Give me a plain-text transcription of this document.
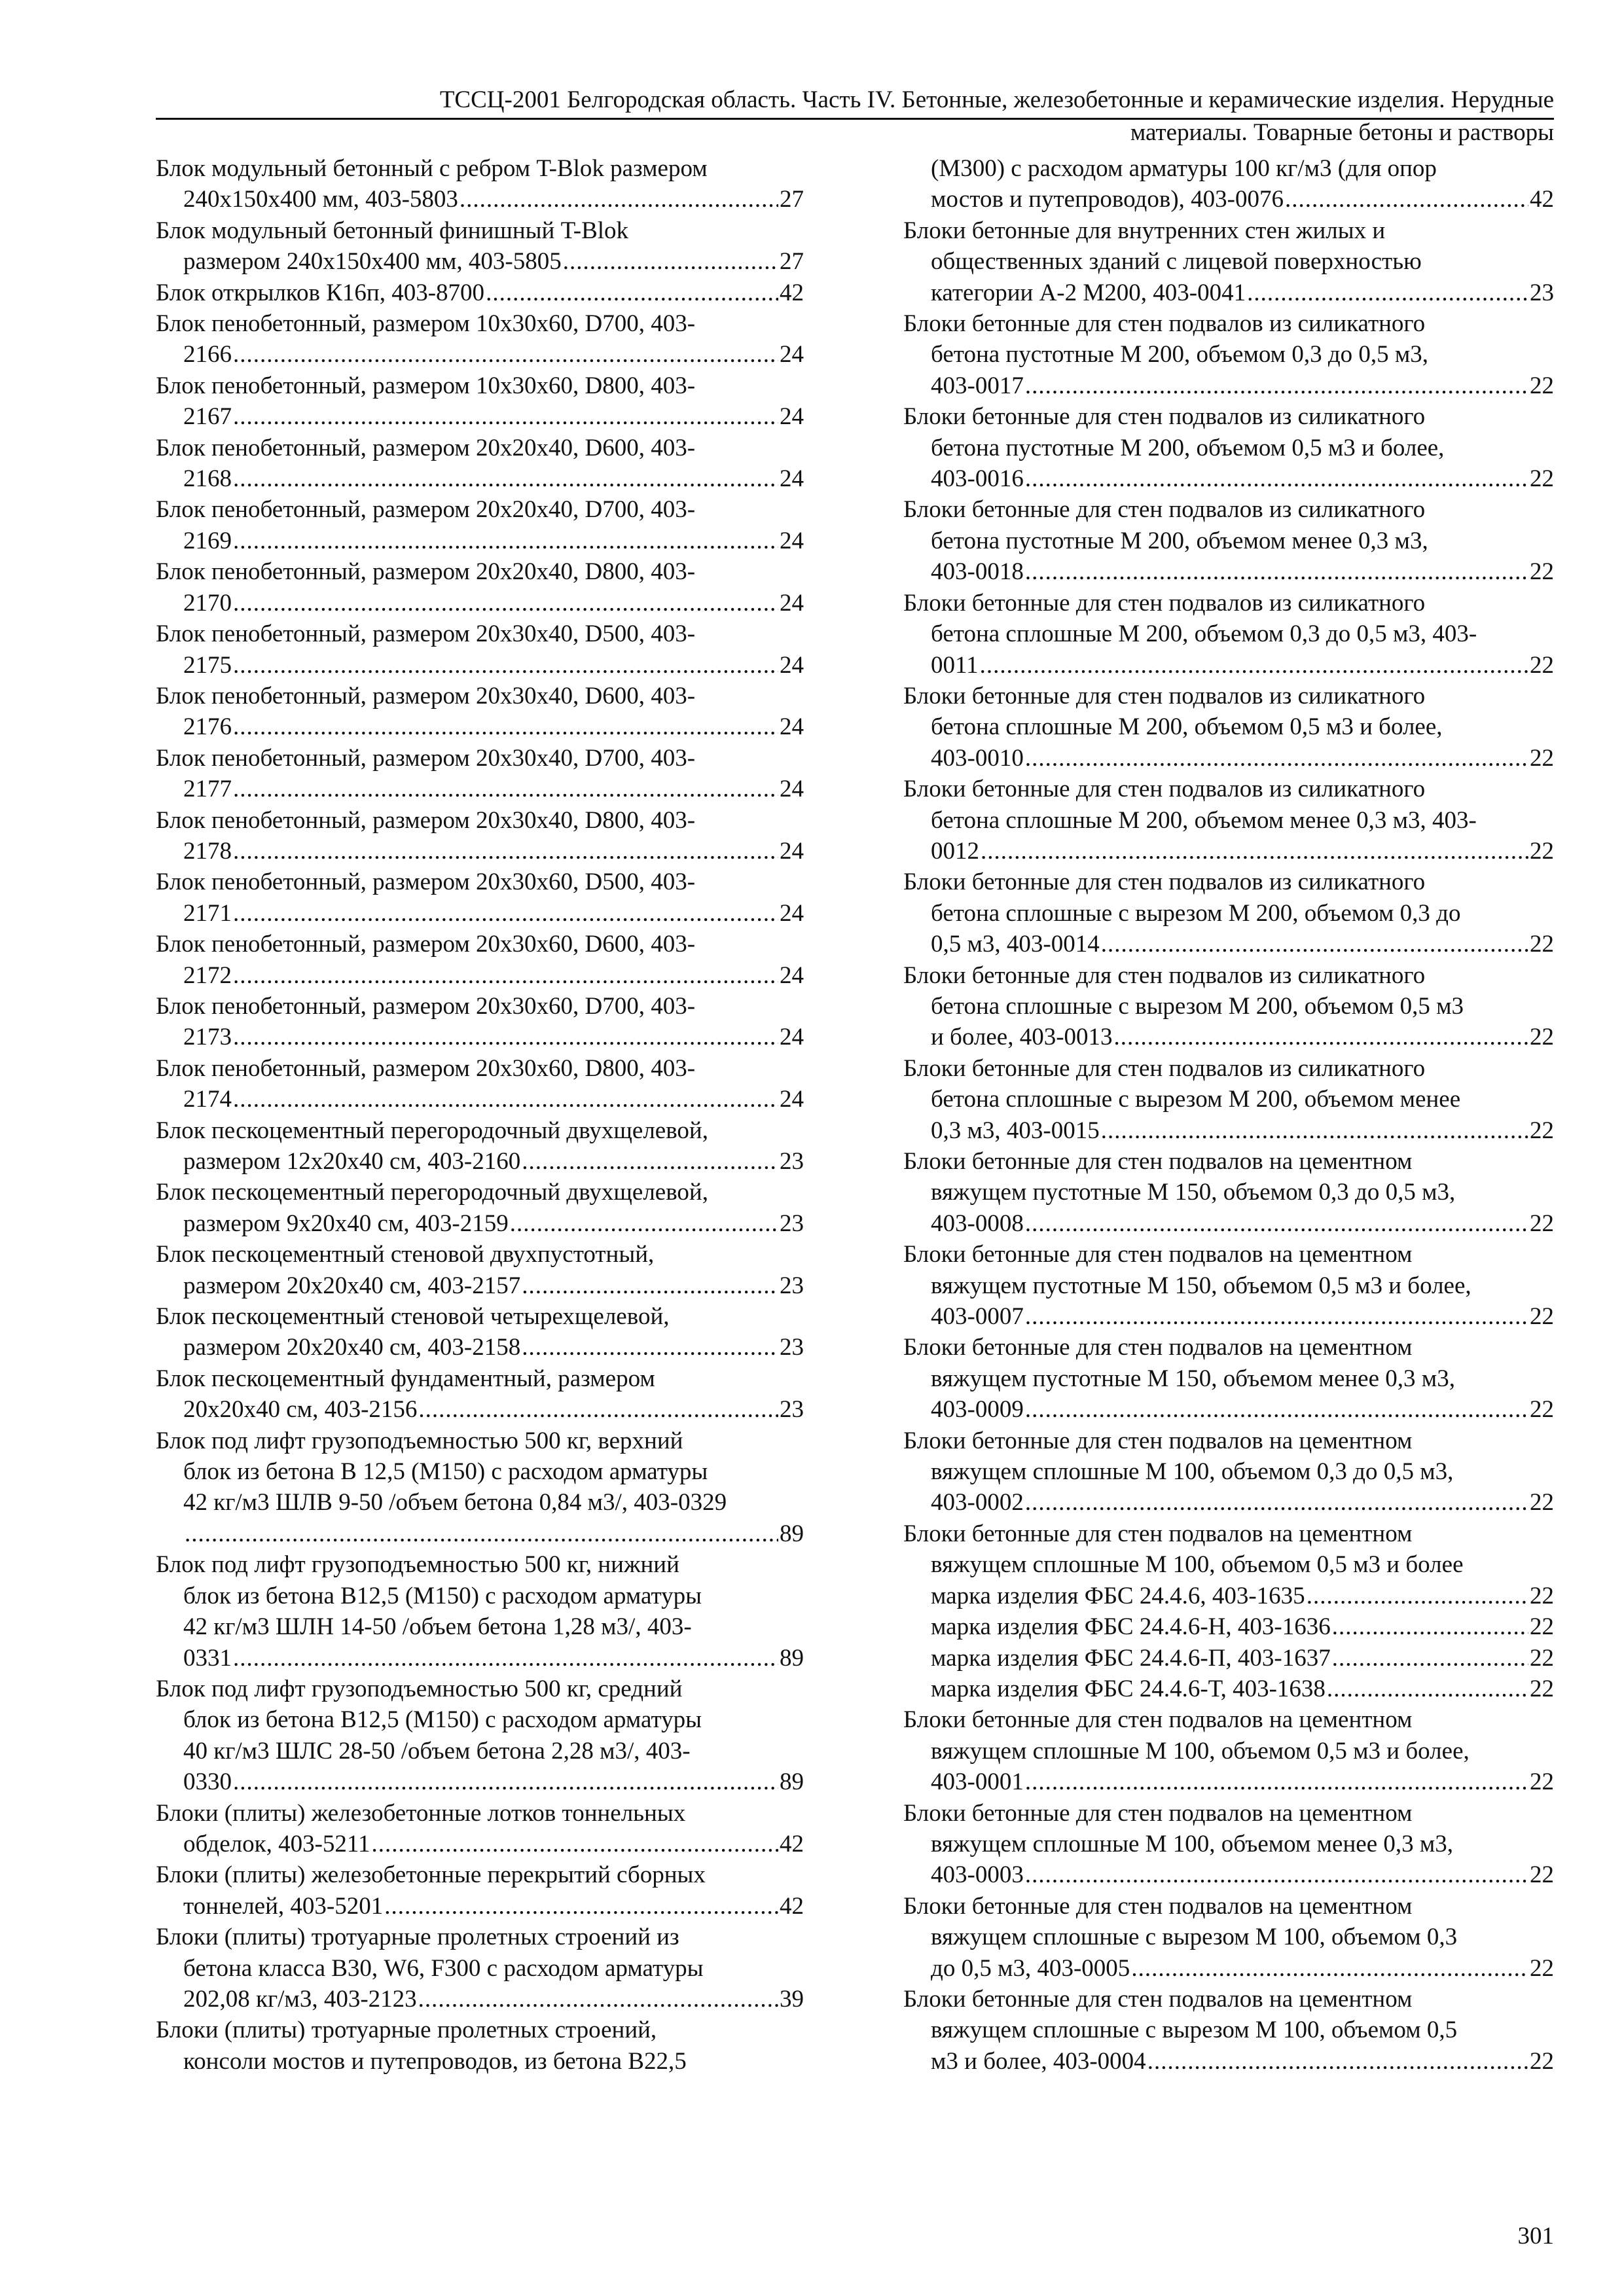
ТССЦ-2001 Белгородская область. Часть IV. Бетонные, железобетонные и керамические изделия. Нерудные
материалы. Товарные бетоны и растворы
Блок модульный бетонный с ребром T-Blok размером
240х150х400 мм, 403-5803 .....	27
Блок модульный бетонный финишный T-Blok
размером 240х150х400 мм, 403-5805 .....	27
Блок открылков К16п, 403-8700 .....	42
Блок пенобетонный, размером 10х30х60, D700, 403-
2166 .....	24
Блок пенобетонный, размером 10х30х60, D800, 403-
2167 .....	24
Блок пенобетонный, размером 20х20х40, D600, 403-
2168 .....	24
Блок пенобетонный, размером 20х20х40, D700, 403-
2169 .....	24
Блок пенобетонный, размером 20х20х40, D800, 403-
2170 .....	24
Блок пенобетонный, размером 20х30х40, D500, 403-
2175 .....	24
Блок пенобетонный, размером 20х30х40, D600, 403-
2176 .....	24
Блок пенобетонный, размером 20х30х40, D700, 403-
2177 .....	24
Блок пенобетонный, размером 20х30х40, D800, 403-
2178 .....	24
Блок пенобетонный, размером 20х30х60, D500, 403-
2171 .....	24
Блок пенобетонный, размером 20х30х60, D600, 403-
2172 .....	24
Блок пенобетонный, размером 20х30х60, D700, 403-
2173 .....	24
Блок пенобетонный, размером 20х30х60, D800, 403-
2174 .....	24
Блок пескоцементный перегородочный двухщелевой,
размером 12х20х40 см, 403-2160 .....	23
Блок пескоцементный перегородочный двухщелевой,
размером 9х20х40 см, 403-2159 .....	23
Блок пескоцементный стеновой двухпустотный,
размером 20х20х40 см, 403-2157 .....	23
Блок пескоцементный стеновой четырехщелевой,
размером 20х20х40 см, 403-2158 .....	23
Блок пескоцементный фундаментный, размером
20х20х40 см, 403-2156 .....	23
Блок под лифт грузоподъемностью 500 кг, верхний
блок из бетона В 12,5 (М150) с расходом арматуры
42 кг/м3 ШЛВ 9-50 /объем бетона 0,84 м3/, 403-0329
.....
89
Блок под лифт грузоподъемностью 500 кг, нижний
блок из бетона В12,5 (М150) с расходом арматуры
42 кг/м3 ШЛН 14-50 /объем бетона 1,28 м3/, 403-
0331 .....	89
Блок под лифт грузоподъемностью 500 кг, средний
блок из бетона В12,5 (М150) с расходом арматуры
40 кг/м3 ШЛС 28-50 /объем бетона 2,28 м3/, 403-
0330 .....	89
Блоки (плиты) железобетонные лотков тоннельных
обделок, 403-5211 .....	42
Блоки (плиты) железобетонные перекрытий сборных
тоннелей, 403-5201 .....	42
Блоки (плиты) тротуарные пролетных строений из
бетона класса В30, W6, F300 с расходом арматуры
202,08 кг/м3, 403-2123 .....	39
Блоки (плиты) тротуарные пролетных строений,
консоли мостов и путепроводов, из бетона В22,5
(М300) с расходом арматуры 100 кг/м3 (для опор
мостов и путепроводов), 403-0076 .....	42
Блоки бетонные для внутренних стен жилых и
общественных зданий с лицевой поверхностью
категории А-2 М200, 403-0041 .....	23
Блоки бетонные для стен подвалов из силикатного
бетона пустотные М 200, объемом 0,3 до 0,5 м3,
403-0017 .....	22
Блоки бетонные для стен подвалов из силикатного
бетона пустотные М 200, объемом 0,5 м3 и более,
403-0016 .....	22
Блоки бетонные для стен подвалов из силикатного
бетона пустотные М 200, объемом менее 0,3 м3,
403-0018 .....	22
Блоки бетонные для стен подвалов из силикатного
бетона сплошные М 200, объемом 0,3 до 0,5 м3, 403-
0011 .....	22
Блоки бетонные для стен подвалов из силикатного
бетона сплошные М 200, объемом 0,5 м3 и более,
403-0010 .....	22
Блоки бетонные для стен подвалов из силикатного
бетона сплошные М 200, объемом менее 0,3 м3, 403-
0012 .....	22
Блоки бетонные для стен подвалов из силикатного
бетона сплошные с вырезом М 200, объемом 0,3 до
0,5 м3, 403-0014 .....	22
Блоки бетонные для стен подвалов из силикатного
бетона сплошные с вырезом М 200, объемом 0,5 м3
и более, 403-0013 .....	22
Блоки бетонные для стен подвалов из силикатного
бетона сплошные с вырезом М 200, объемом менее
0,3 м3, 403-0015 .....	22
Блоки бетонные для стен подвалов на цементном
вяжущем пустотные М 150, объемом 0,3 до 0,5 м3,
403-0008 .....	22
Блоки бетонные для стен подвалов на цементном
вяжущем пустотные М 150, объемом 0,5 м3 и более,
403-0007 .....	22
Блоки бетонные для стен подвалов на цементном
вяжущем пустотные М 150, объемом менее 0,3 м3,
403-0009 .....	22
Блоки бетонные для стен подвалов на цементном
вяжущем сплошные М 100, объемом 0,3 до 0,5 м3,
403-0002 .....	22
Блоки бетонные для стен подвалов на цементном
вяжущем сплошные М 100, объемом 0,5 м3 и более
марка изделия ФБС 24.4.6, 403-1635 .....	22
марка изделия ФБС 24.4.6-Н, 403-1636 .....	22
марка изделия ФБС 24.4.6-П, 403-1637 .....	22
марка изделия ФБС 24.4.6-Т, 403-1638 .....	22
Блоки бетонные для стен подвалов на цементном
вяжущем сплошные М 100, объемом 0,5 м3 и более,
403-0001 .....	22
Блоки бетонные для стен подвалов на цементном
вяжущем сплошные М 100, объемом менее 0,3 м3,
403-0003 .....	22
Блоки бетонные для стен подвалов на цементном
вяжущем сплошные с вырезом М 100, объемом 0,3
до 0,5 м3, 403-0005 .....	22
Блоки бетонные для стен подвалов на цементном
вяжущем сплошные с вырезом М 100, объемом 0,5
м3 и более, 403-0004 .....	22
301
